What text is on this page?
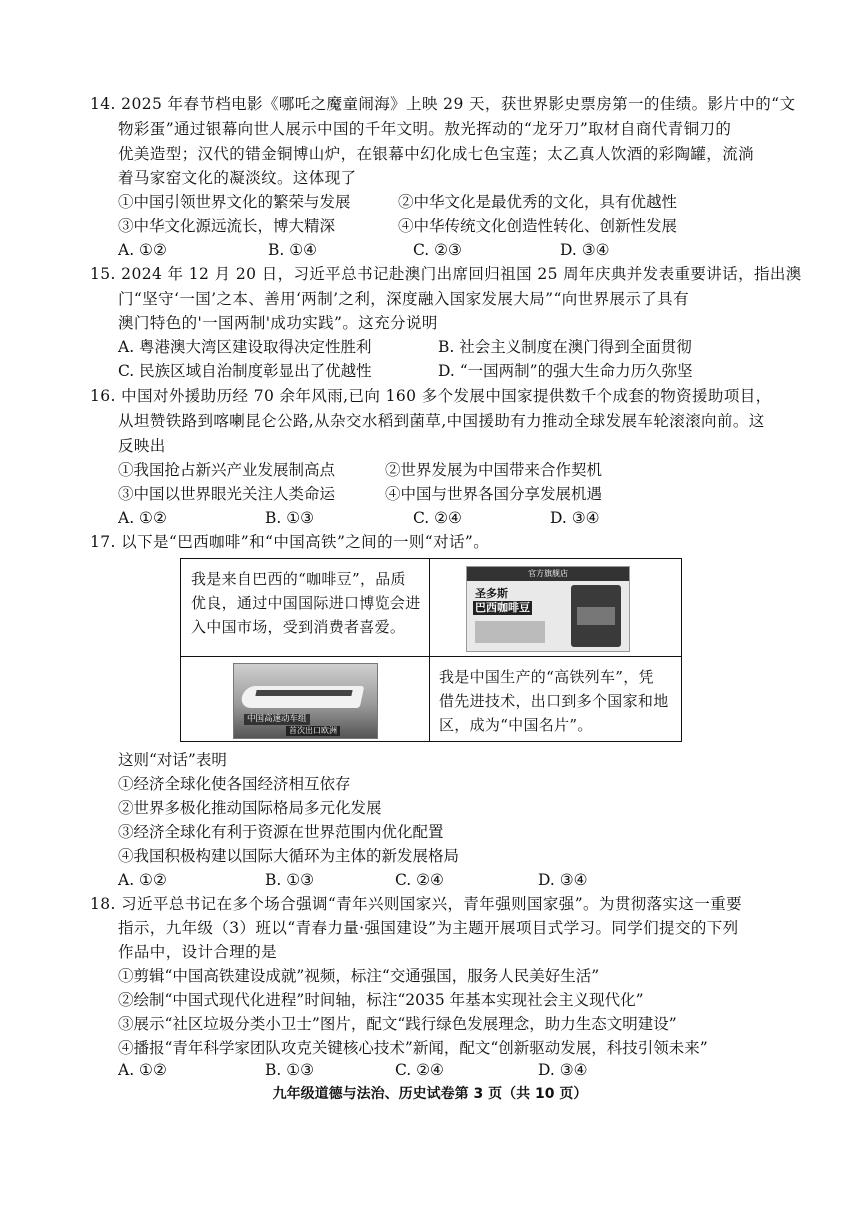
14. 2025 年春节档电影《哪吒之魔童闹海》上映 29 天，获世界影史票房第一的佳绩。影片中的“文
物彩蛋”通过银幕向世人展示中国的千年文明。敖光挥动的“龙牙刀”取材自商代青铜刀的
优美造型；汉代的错金铜博山炉，在银幕中幻化成七色宝莲；太乙真人饮酒的彩陶罐，流淌
着马家窑文化的凝淡纹。这体现了
①中国引领世界文化的繁荣与发展	②中华文化是最优秀的文化，具有优越性
③中华文化源远流长，博大精深	④中华传统文化创造性转化、创新性发展
A. ①②	B. ①④	C. ②③	D. ③④
15. 2024 年 12 月 20 日，习近平总书记赴澳门出席回归祖国 25 周年庆典并发表重要讲话，指出澳
门“坚守‘一国’之本、善用‘两制’之利，深度融入国家发展大局”“向世界展示了具有
澳门特色的'一国两制'成功实践”。这充分说明
A. 粤港澳大湾区建设取得决定性胜利	B. 社会主义制度在澳门得到全面贯彻
C. 民族区域自治制度彰显出了优越性	D. “一国两制”的强大生命力历久弥坚
16. 中国对外援助历经 70 余年风雨,已向 160 多个发展中国家提供数千个成套的物资援助项目，
从坦赞铁路到喀喇昆仑公路,从杂交水稻到菌草,中国援助有力推动全球发展车轮滚滚向前。这
反映出
①我国抢占新兴产业发展制高点	②世界发展为中国带来合作契机
③中国以世界眼光关注人类命运	④中国与世界各国分享发展机遇
A. ①②	B. ①③	C. ②④	D. ③④
17. 以下是“巴西咖啡”和“中国高铁”之间的一则“对话”。
我是来自巴西的“咖啡豆”，品质
优良，通过中国国际进口博览会进
入中国市场，受到消费者喜爱。
官方旗舰店
圣多斯
巴西咖啡豆
中国高速动车组
首次出口欧洲
我是中国生产的“高铁列车”，凭
借先进技术，出口到多个国家和地
区，成为“中国名片”。
这则“对话”表明
①经济全球化使各国经济相互依存
②世界多极化推动国际格局多元化发展
③经济全球化有利于资源在世界范围内优化配置
④我国积极构建以国际大循环为主体的新发展格局
A. ①②	B. ①③	C. ②④	D. ③④
18. 习近平总书记在多个场合强调“青年兴则国家兴，青年强则国家强”。为贯彻落实这一重要
指示，九年级（3）班以“青春力量·强国建设”为主题开展项目式学习。同学们提交的下列
作品中，设计合理的是
①剪辑“中国高铁建设成就”视频，标注“交通强国，服务人民美好生活”
②绘制“中国式现代化进程”时间轴，标注“2035 年基本实现社会主义现代化”
③展示“社区垃圾分类小卫士”图片，配文“践行绿色发展理念，助力生态文明建设”
④播报“青年科学家团队攻克关键核心技术”新闻，配文“创新驱动发展，科技引领未来”
A. ①②	B. ①③	C. ②④	D. ③④
九年级道德与法治、历史试卷第 3 页（共 10 页）
